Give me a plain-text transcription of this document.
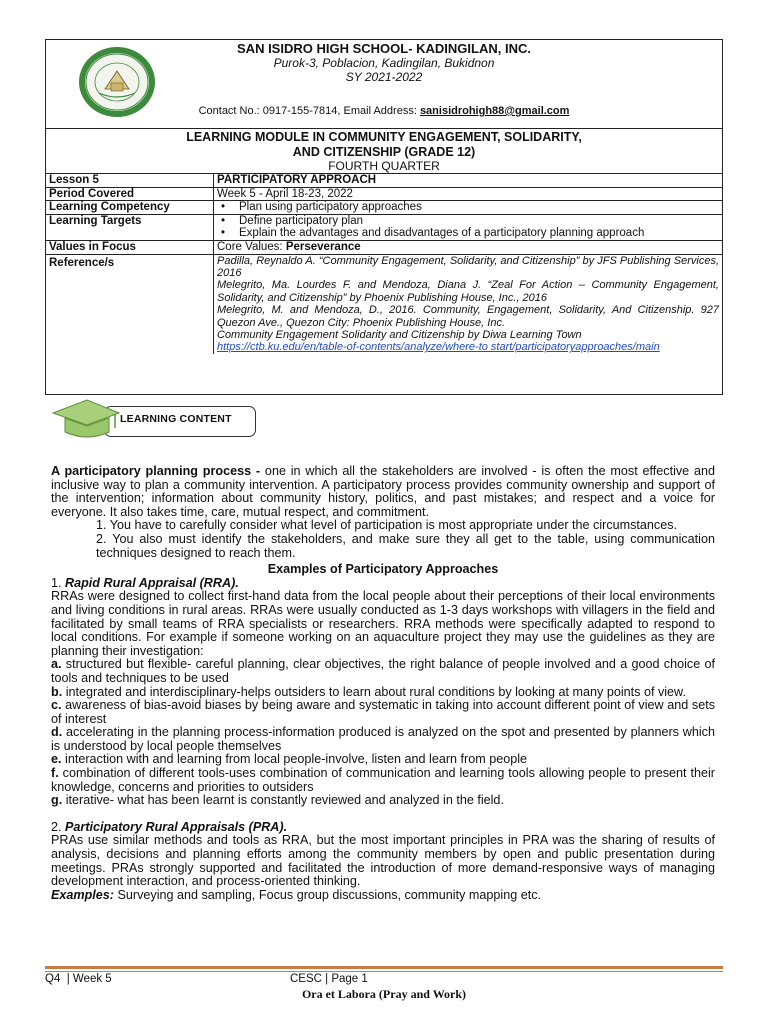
SAN ISIDRO HIGH SCHOOL- KADINGILAN, INC.
Purok-3, Poblacion, Kadingilan, Bukidnon
SY 2021-2022
Contact No.: 0917-155-7814, Email Address: sanisidrohigh88@gmail.com
LEARNING MODULE IN COMMUNITY ENGAGEMENT, SOLIDARITY,
AND CITIZENSHIP (GRADE 12)
FOURTH QUARTER
Lesson 5	PARTICIPATORY APPROACH
Period Covered	Week 5 - April 18-23, 2022
Learning Competency	• Plan using participatory approaches

Learning Targets	• Define participatory plan
• Explain the advantages and disadvantages of a participatory planning approach

Values in Focus	Core Values: Perseverance
Reference/s	Padilla, Reynaldo A. “Community Engagement, Solidarity, and Citizenship” by JFS Publishing Services, 2016
Melegrito, Ma. Lourdes F. and Mendoza, Diana J. “Zeal For Action – Community Engagement, Solidarity, and Citizenship” by Phoenix Publishing House, Inc., 2016
Melegrito, M. and Mendoza, D., 2016. Community, Engagement, Solidarity, And Citizenship. 927 Quezon Ave., Quezon City: Phoenix Publishing House, Inc.
Community Engagement Solidarity and Citizenship by Diwa Learning Town
https://ctb.ku.edu/en/table-of-contents/analyze/where-to start/participatoryapproaches/main
LEARNING CONTENT

A participatory planning process - one in which all the stakeholders are involved - is often the most effective and inclusive way to plan a community intervention. A participatory process provides community ownership and support of the intervention; information about community history, politics, and past mistakes; and respect and a voice for everyone. It also takes time, care, mutual respect, and commitment.

1. You have to carefully consider what level of participation is most appropriate under the circumstances.

2. You also must identify the stakeholders, and make sure they all get to the table, using communication techniques designed to reach them.

Examples of Participatory Approaches

1. Rapid Rural Appraisal (RRA).

RRAs were designed to collect first-hand data from the local people about their perceptions of their local environments and living conditions in rural areas. RRAs were usually conducted as 1-3 days workshops with villagers in the field and facilitated by small teams of RRA specialists or researchers. RRA methods were specifically adapted to respond to local conditions. For example if someone working on an aquaculture project they may use the guidelines as they are planning their investigation:

a. structured but flexible- careful planning, clear objectives, the right balance of people involved and a good choice of tools and techniques to be used

b. integrated and interdisciplinary-helps outsiders to learn about rural conditions by looking at many points of view.

c. awareness of bias-avoid biases by being aware and systematic in taking into account different point of view and sets of interest

d. accelerating in the planning process-information produced is analyzed on the spot and presented by planners which is understood by local people themselves

e. interaction with and learning from local people-involve, listen and learn from people

f. combination of different tools-uses combination of communication and learning tools allowing people to present their knowledge, concerns and priorities to outsiders

g. iterative- what has been learnt is constantly reviewed and analyzed in the field.

2. Participatory Rural Appraisals (PRA).

PRAs use similar methods and tools as RRA, but the most important principles in PRA was the sharing of results of analysis, decisions and planning efforts among the community members by open and public presentation during meetings. PRAs strongly supported and facilitated the introduction of more demand-responsive ways of managing development interaction, and process-oriented thinking.

Examples: Surveying and sampling, Focus group discussions, community mapping etc.

Q4  | Week 5	CESC | Page 1
Ora et Labora (Pray and Work)
